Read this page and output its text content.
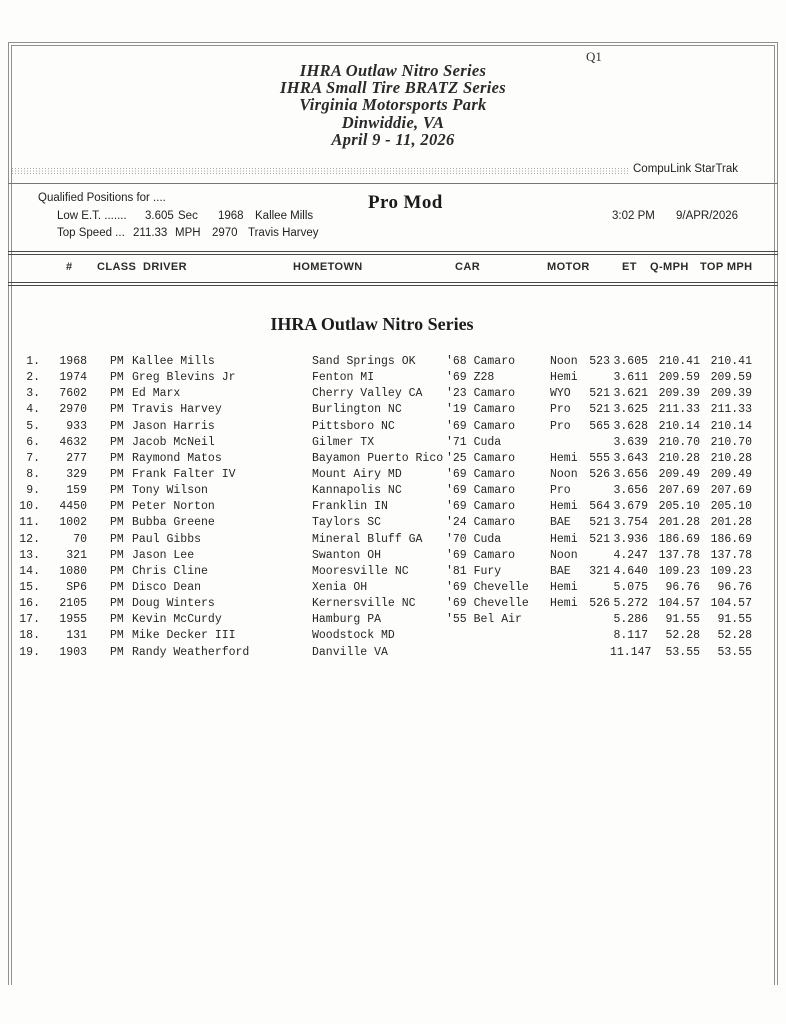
Q1
IHRA Outlaw Nitro Series
IHRA Small Tire BRATZ Series
Virginia Motorsports Park
Dinwiddie, VA
April 9 - 11, 2026
CompuLink StarTrak
Qualified Positions for ....	Pro Mod
Low E.T. ....... 3.605 Sec 1968 Kallee Mills	3:02 PM 9/APR/2026
Top Speed ... 211.33 MPH 2970 Travis Harvey
# CLASS DRIVER	HOMETOWN	CAR	MOTOR	ET Q-MPH TOP MPH
IHRA Outlaw Nitro Series
1.	1968	PM Kallee Mills	Sand Springs OK	'68 Camaro	Noon	523 3.605 210.41 210.41
2.	1974	PM Greg Blevins Jr	Fenton MI	'69 Z28	Hemi	3.611 209.59 209.59
3.	7602	PM Ed Marx	Cherry Valley CA	'23 Camaro	WYO	521 3.621 209.39 209.39
4.	2970	PM Travis Harvey	Burlington NC	'19 Camaro	Pro	521 3.625 211.33 211.33
5.	933	PM Jason Harris	Pittsboro NC	'69 Camaro	Pro	565 3.628 210.14 210.14
6.	4632	PM Jacob McNeil	Gilmer TX	'71 Cuda	3.639 210.70 210.70
7.	277	PM Raymond Matos	Bayamon Puerto Rico '25 Camaro	Hemi	555 3.643 210.28 210.28
8.	329	PM Frank Falter IV	Mount Airy MD	'69 Camaro	Noon	526 3.656 209.49 209.49
9.	159	PM Tony Wilson	Kannapolis NC	'69 Camaro	Pro	3.656 207.69 207.69
10.	4450	PM Peter Norton	Franklin IN	'69 Camaro	Hemi	564 3.679 205.10 205.10
11.	1002	PM Bubba Greene	Taylors SC	'24 Camaro	BAE	521 3.754 201.28 201.28
12.	70	PM Paul Gibbs	Mineral Bluff GA	'70 Cuda	Hemi	521 3.936 186.69 186.69
13.	321	PM Jason Lee	Swanton OH	'69 Camaro	Noon	4.247 137.78 137.78
14.	1080	PM Chris Cline	Mooresville NC	'81 Fury	BAE	321 4.640 109.23 109.23
15.	SP6	PM Disco Dean	Xenia OH	'69 Chevelle	Hemi	5.075	96.76	96.76
16.	2105	PM Doug Winters	Kernersville NC	'69 Chevelle	Hemi	526 5.272 104.57 104.57
17.	1955	PM Kevin McCurdy	Hamburg PA	'55 Bel Air	5.286	91.55	91.55
18.	131	PM Mike Decker III	Woodstock MD	8.117	52.28	52.28
19.	1903	PM Randy Weatherford	Danville VA	11.147	53.55	53.55
